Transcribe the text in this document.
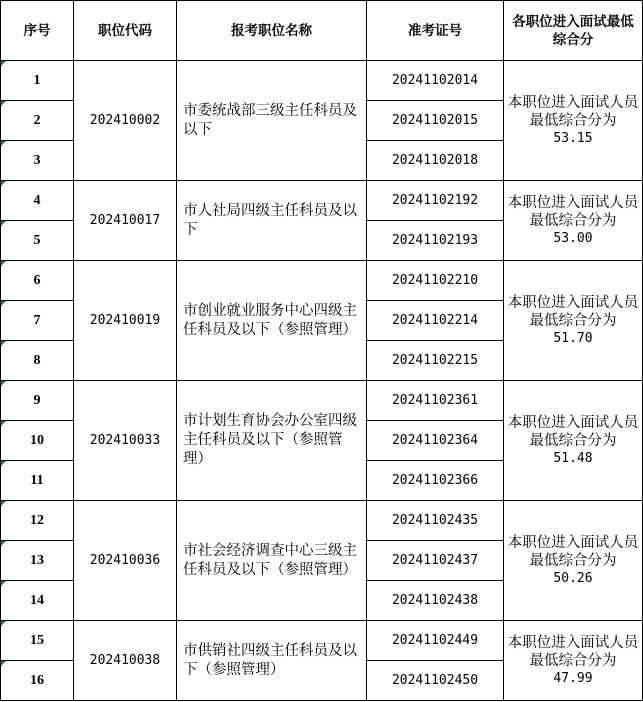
序号	职位代码	报考职位名称	准考证号	各职位进入面试最低综合分

1	202410002	市委统战部三级主任科员及以下	20241102014	本职位进入面试人员最低综合分为
53.15

2			20241102015	

3			20241102018	

4	202410017	市人社局四级主任科员及以下	20241102192	本职位进入面试人员最低综合分为
53.00

5			20241102193	

6	202410019	市创业就业服务中心四级主任科员及以下（参照管理）	20241102210	本职位进入面试人员最低综合分为
51.70

7			20241102214	

8			20241102215	

9	202410033	市计划生育协会办公室四级主任科员及以下（参照管理）	20241102361	本职位进入面试人员最低综合分为
51.48

10			20241102364	

11			20241102366	

12	202410036	市社会经济调查中心三级主任科员及以下（参照管理）	20241102435	本职位进入面试人员最低综合分为
50.26

13			20241102437	

14			20241102438	

15	202410038	市供销社四级主任科员及以下（参照管理）	20241102449	本职位进入面试人员最低综合分为
47.99

16			20241102450	
